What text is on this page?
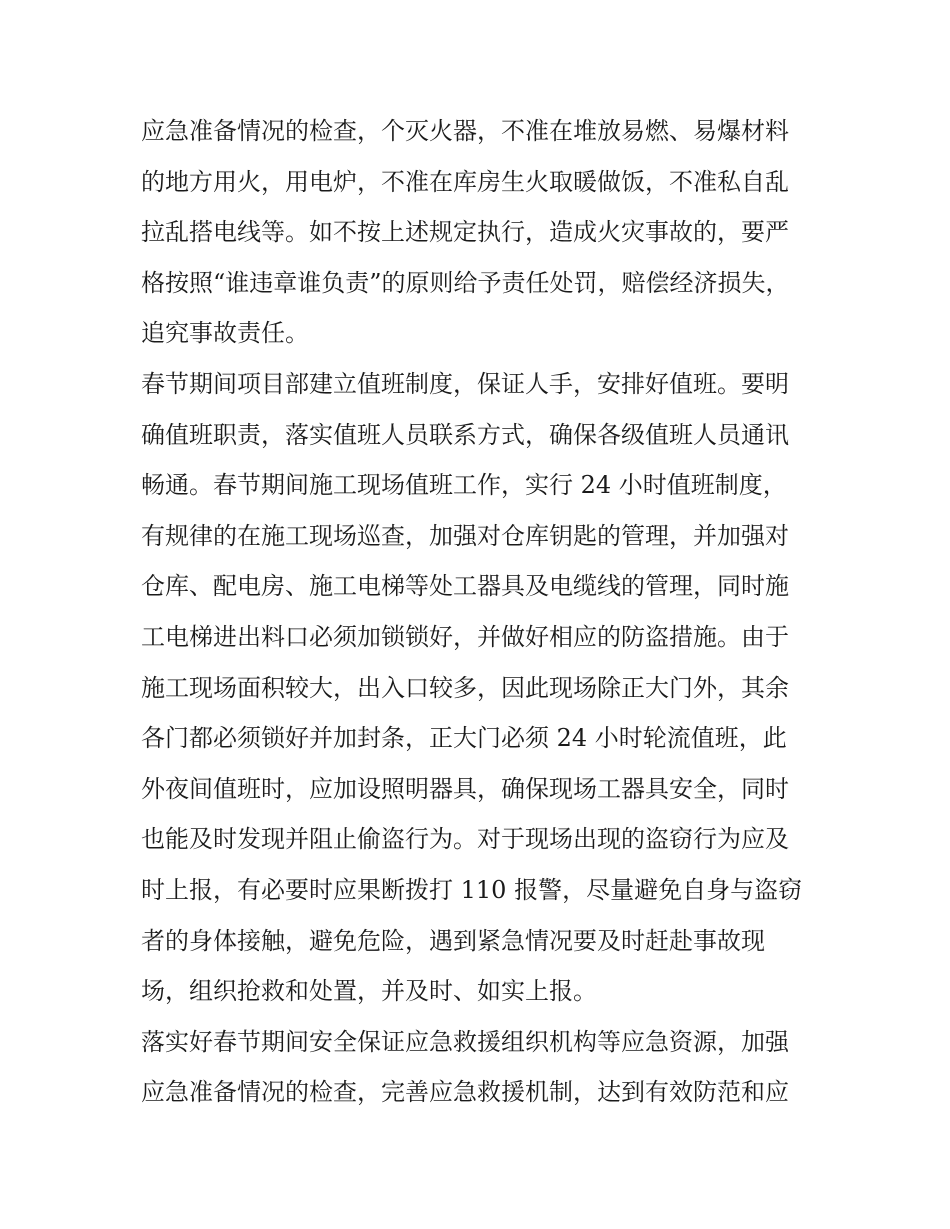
应急准备情况的检查，个灭火器，不准在堆放易燃、易爆材料
的地方用火，用电炉，不准在库房生火取暖做饭，不准私自乱
拉乱搭电线等。如不按上述规定执行，造成火灾事故的，要严
格按照“谁违章谁负责”的原则给予责任处罚，赔偿经济损失，
追究事故责任。
春节期间项目部建立值班制度，保证人手，安排好值班。要明
确值班职责，落实值班人员联系方式，确保各级值班人员通讯
畅通。春节期间施工现场值班工作，实行 24 小时值班制度，
有规律的在施工现场巡查，加强对仓库钥匙的管理，并加强对
仓库、配电房、施工电梯等处工器具及电缆线的管理，同时施
工电梯进出料口必须加锁锁好，并做好相应的防盗措施。由于
施工现场面积较大，出入口较多，因此现场除正大门外，其余
各门都必须锁好并加封条，正大门必须 24 小时轮流值班，此
外夜间值班时，应加设照明器具，确保现场工器具安全，同时
也能及时发现并阻止偷盗行为。对于现场出现的盗窃行为应及
时上报，有必要时应果断拨打 110 报警，尽量避免自身与盗窃
者的身体接触，避免危险，遇到紧急情况要及时赶赴事故现
场，组织抢救和处置，并及时、如实上报。
落实好春节期间安全保证应急救援组织机构等应急资源，加强
应急准备情况的检查，完善应急救援机制，达到有效防范和应
